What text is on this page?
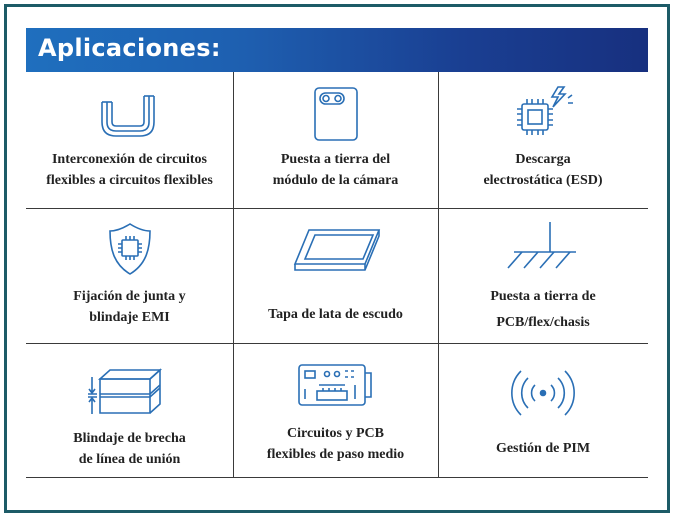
Aplicaciones:
Interconexión de circuitos
flexibles a circuitos flexibles
Puesta a tierra del
módulo de la cámara
Descarga
electrostática (ESD)
Fijación de junta y
blindaje EMI	Tapa de lata de escudo
Puesta a tierra de
PCB/flex/chasis
Blindaje de brecha
de línea de unión
Circuitos y PCB
flexibles de paso medio	Gestión de PIM
